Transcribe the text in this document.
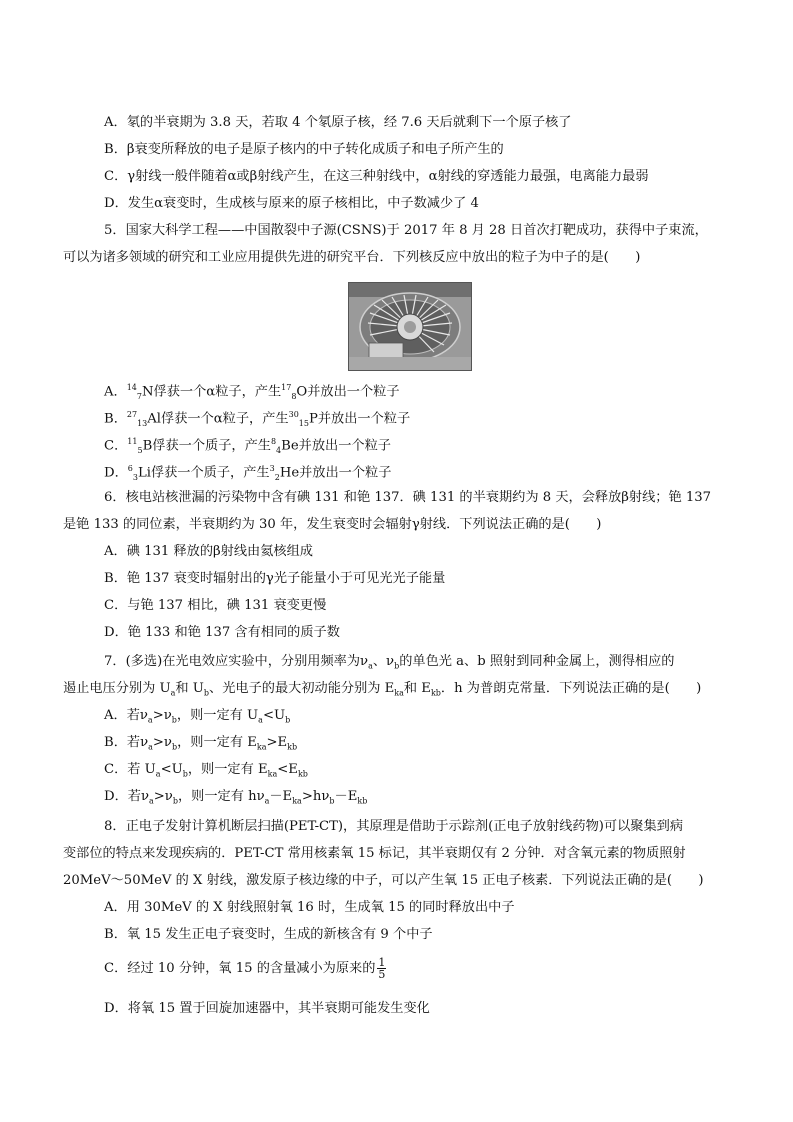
A．氡的半衰期为 3.8 天，若取 4 个氡原子核，经 7.6 天后就剩下一个原子核了
B．β衰变所释放的电子是原子核内的中子转化成质子和电子所产生的
C．γ射线一般伴随着α或β射线产生，在这三种射线中，α射线的穿透能力最强，电离能力最弱
D．发生α衰变时，生成核与原来的原子核相比，中子数减少了 4
5．国家大科学工程——中国散裂中子源(CSNS)于 2017 年 8 月 28 日首次打靶成功，获得中子束流，
可以为诸多领域的研究和工业应用提供先进的研究平台．下列核反应中放出的粒子为中子的是(　　)
A．$^{14}_7$N俘获一个α粒子，产生$^{17}_8$O并放出一个粒子
B．$^{27}_{13}$Al俘获一个α粒子，产生$^{30}_{15}$P并放出一个粒子
C．$^{11}_5$B俘获一个质子，产生$^8_4$Be并放出一个粒子
D．$^6_3$Li俘获一个质子，产生$^3_2$He并放出一个粒子
6．核电站核泄漏的污染物中含有碘 131 和铯 137．碘 131 的半衰期约为 8 天，会释放β射线；铯 137
是铯 133 的同位素，半衰期约为 30 年，发生衰变时会辐射γ射线．下列说法正确的是(　　)
A．碘 131 释放的β射线由氦核组成
B．铯 137 衰变时辐射出的γ光子能量小于可见光光子能量
C．与铯 137 相比，碘 131 衰变更慢
D．铯 133 和铯 137 含有相同的质子数
7．(多选)在光电效应实验中，分别用频率为$\nu_a$、$\nu_b$的单色光 a、b 照射到同种金属上，测得相应的
遏止电压分别为 $U_a$和 $U_b$、光电子的最大初动能分别为 $E_{ka}$和 $E_{kb}$．h 为普朗克常量．下列说法正确的是(　　)
A．若$\nu_a>\nu_b$，则一定有 $U_a<U_b$
B．若$\nu_a>\nu_b$，则一定有 $E_{ka}>E_{kb}$
C．若 $U_a<U_b$，则一定有 $E_{ka}<E_{kb}$
D．若$\nu_a>\nu_b$，则一定有 $h\nu_a-E_{ka}>h\nu_b-E_{kb}$
8．正电子发射计算机断层扫描(PET-CT)，其原理是借助于示踪剂(正电子放射线药物)可以聚集到病
变部位的特点来发现疾病的．PET-CT 常用核素氧 15 标记，其半衰期仅有 2 分钟．对含氧元素的物质照射
20MeV～50MeV 的 X 射线，激发原子核边缘的中子，可以产生氧 15 正电子核素．下列说法正确的是(　　)
A．用 30MeV 的 X 射线照射氧 16 时，生成氧 15 的同时释放出中子
B．氧 15 发生正电子衰变时，生成的新核含有 9 个中子
C．经过 10 分钟，氧 15 的含量减小为原来的 $\frac{1}{5}$
D．将氧 15 置于回旋加速器中，其半衰期可能发生变化
